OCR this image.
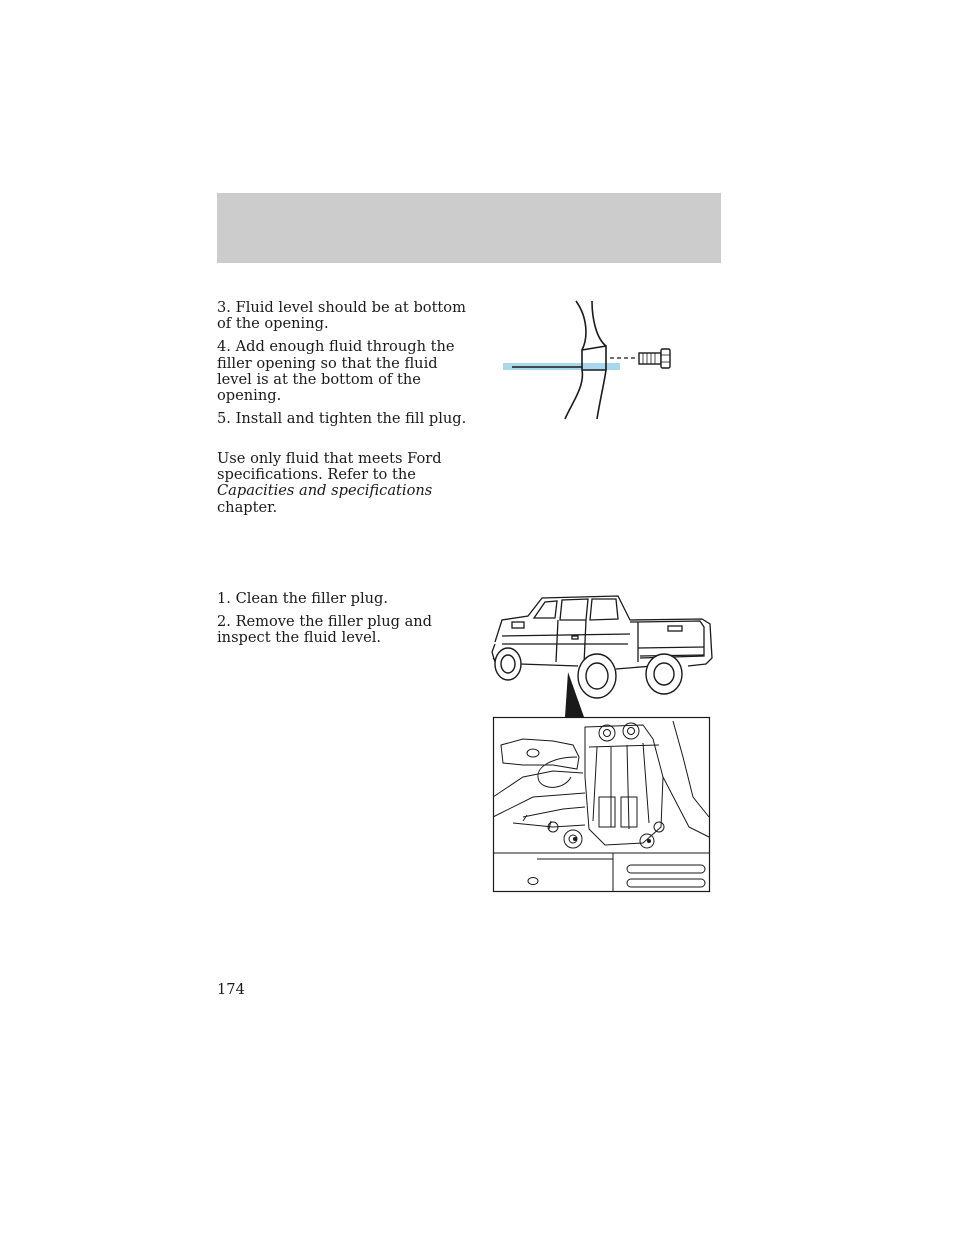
3. Fluid level should be at bottom of the opening.

4. Add enough fluid through the filler opening so that the fluid level is at the bottom of the opening.

5. Install and tighten the fill plug.

Use only fluid that meets Ford specifications. Refer to the Capacities and specifications chapter.

1. Clean the filler plug.

2. Remove the filler plug and inspect the fluid level.

174
